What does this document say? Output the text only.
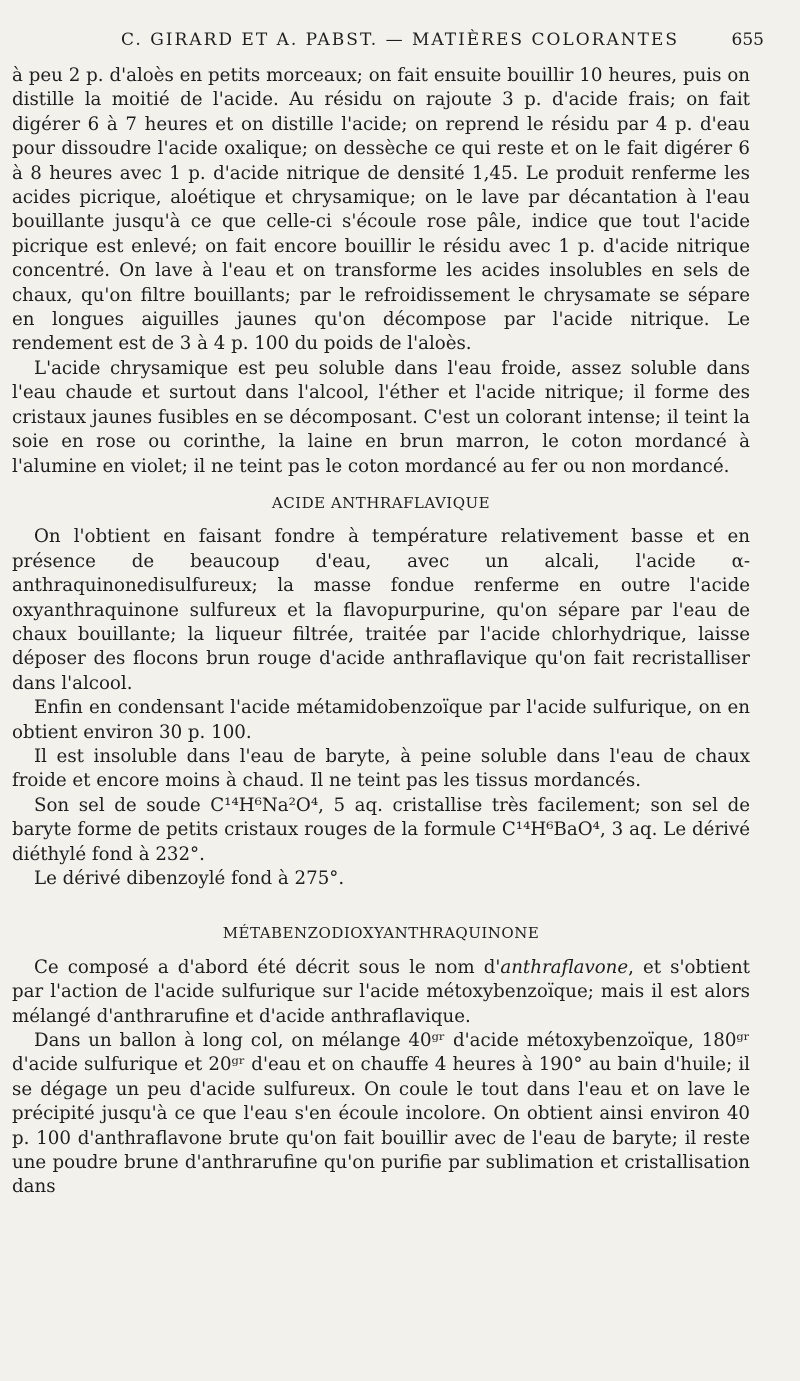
C. GIRARD ET A. PABST. — MATIÈRES COLORANTES	655

à peu 2 p. d'aloès en petits morceaux; on fait ensuite bouillir 10 heures, puis on distille la moitié de l'acide. Au résidu on rajoute 3 p. d'acide frais; on fait digérer 6 à 7 heures et on distille l'acide; on reprend le résidu par 4 p. d'eau pour dissoudre l'acide oxalique; on dessèche ce qui reste et on le fait digérer 6 à 8 heures avec 1 p. d'acide nitrique de densité 1,45. Le produit renferme les acides picrique, aloétique et chrysamique; on le lave par décantation à l'eau bouillante jusqu'à ce que celle-ci s'écoule rose pâle, indice que tout l'acide picrique est enlevé; on fait encore bouillir le résidu avec 1 p. d'acide nitrique concentré. On lave à l'eau et on transforme les acides insolubles en sels de chaux, qu'on filtre bouillants; par le refroidissement le chrysamate se sépare en longues aiguilles jaunes qu'on décompose par l'acide nitrique. Le rendement est de 3 à 4 p. 100 du poids de l'aloès.

L'acide chrysamique est peu soluble dans l'eau froide, assez soluble dans l'eau chaude et surtout dans l'alcool, l'éther et l'acide nitrique; il forme des cristaux jaunes fusibles en se décomposant. C'est un colorant intense; il teint la soie en rose ou corinthe, la laine en brun marron, le coton mordancé à l'alumine en violet; il ne teint pas le coton mordancé au fer ou non mordancé.

ACIDE ANTHRAFLAVIQUE

On l'obtient en faisant fondre à température relativement basse et en présence de beaucoup d'eau, avec un alcali, l'acide α-anthraquinonedisulfureux; la masse fondue renferme en outre l'acide oxyanthraquinone sulfureux et la flavopurpurine, qu'on sépare par l'eau de chaux bouillante; la liqueur filtrée, traitée par l'acide chlorhydrique, laisse déposer des flocons brun rouge d'acide anthraflavique qu'on fait recristalliser dans l'alcool.

Enfin en condensant l'acide métamidobenzoïque par l'acide sulfurique, on en obtient environ 30 p. 100.

Il est insoluble dans l'eau de baryte, à peine soluble dans l'eau de chaux froide et encore moins à chaud. Il ne teint pas les tissus mordancés.

Son sel de soude C¹⁴H⁶Na²O⁴, 5 aq. cristallise très facilement; son sel de baryte forme de petits cristaux rouges de la formule C¹⁴H⁶BaO⁴, 3 aq. Le dérivé diéthylé fond à 232°.

Le dérivé dibenzoylé fond à 275°.

MÉTABENZODIOXYANTHRAQUINONE

Ce composé a d'abord été décrit sous le nom d'anthraflavone, et s'obtient par l'action de l'acide sulfurique sur l'acide métoxybenzoïque; mais il est alors mélangé d'anthrarufine et d'acide anthraflavique.

Dans un ballon à long col, on mélange 40ᵍʳ d'acide métoxybenzoïque, 180ᵍʳ d'acide sulfurique et 20ᵍʳ d'eau et on chauffe 4 heures à 190° au bain d'huile; il se dégage un peu d'acide sulfureux. On coule le tout dans l'eau et on lave le précipité jusqu'à ce que l'eau s'en écoule incolore. On obtient ainsi environ 40 p. 100 d'anthraflavone brute qu'on fait bouillir avec de l'eau de baryte; il reste une poudre brune d'anthrarufine qu'on purifie par sublimation et cristallisation dans
